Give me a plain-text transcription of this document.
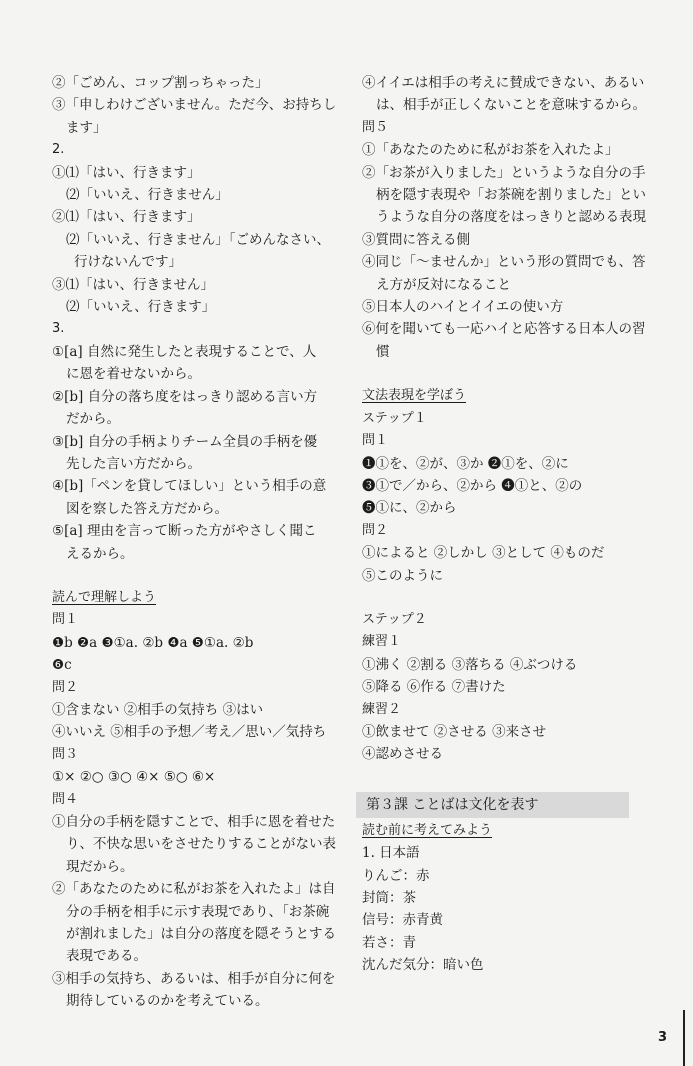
②「ごめん、コップ割っちゃった」
③「申しわけございません。ただ今、お持ちし
ます」
2.
①⑴「はい、行きます」
⑵「いいえ、行きません」
②⑴「はい、行きます」
⑵「いいえ、行きません」「ごめんなさい、
行けないんです」
③⑴「はい、行きません」
⑵「いいえ、行きます」
3.
①[a] 自然に発生したと表現することで、人
に恩を着せないから。
②[b] 自分の落ち度をはっきり認める言い方
だから。
③[b] 自分の手柄よりチーム全員の手柄を優
先した言い方だから。
④[b]「ペンを貸してほしい」という相手の意
図を察した答え方だから。
⑤[a] 理由を言って断った方がやさしく聞こ
えるから。
読んで理解しよう
問１
❶b ❷a ❸①a. ②b ❹a ❺①a. ②b
❻c
問２
①含まない ②相手の気持ち ③はい
④いいえ ⑤相手の予想／考え／思い／気持ち
問３
①× ②○ ③○ ④× ⑤○ ⑥×
問４
①自分の手柄を隠すことで、相手に恩を着せた
り、不快な思いをさせたりすることがない表
現だから。
②「あなたのために私がお茶を入れたよ」は自
分の手柄を相手に示す表現であり、「お茶碗
が割れました」は自分の落度を隠そうとする
表現である。
③相手の気持ち、あるいは、相手が自分に何を
期待しているのかを考えている。
④イイエは相手の考えに賛成できない、あるい
は、相手が正しくないことを意味するから。
問５
①「あなたのために私がお茶を入れたよ」
②「お茶が入りました」というような自分の手
柄を隠す表現や「お茶碗を割りました」とい
うような自分の落度をはっきりと認める表現
③質問に答える側
④同じ「～ませんか」という形の質問でも、答
え方が反対になること
⑤日本人のハイとイイエの使い方
⑥何を聞いても一応ハイと応答する日本人の習
慣
文法表現を学ぼう
ステップ１
問１
❶①を、②が、③か ❷①を、②に
❸①で／から、②から ❹①と、②の
❺①に、②から
問２
①によると ②しかし ③として ④ものだ
⑤このように
ステップ２
練習１
①沸く ②割る ③落ちる ④ぶつける
⑤降る ⑥作る ⑦書けた
練習２
①飲ませて ②させる ③来させ
④認めさせる
第３課 ことばは文化を表す
読む前に考えてみよう
1. 日本語
りんご：赤
封筒：茶
信号：赤青黄
若さ：青
沈んだ気分：暗い色
3
